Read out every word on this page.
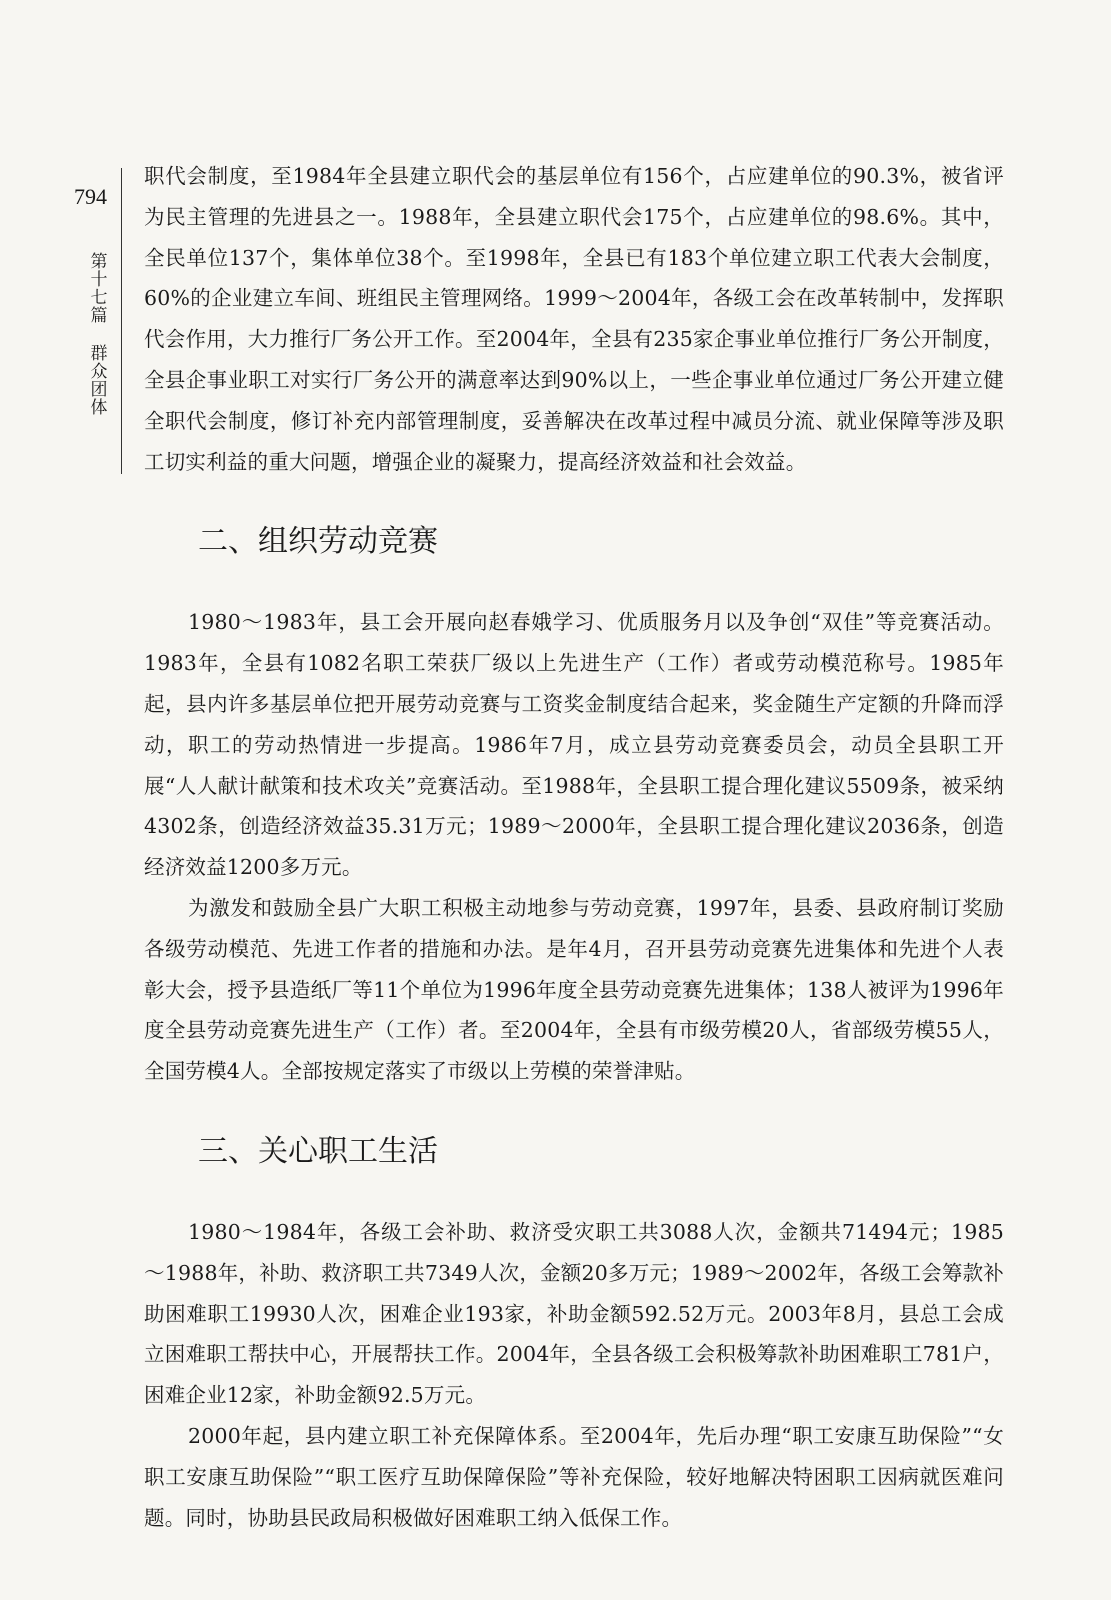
794
第十七篇
群众团体

职代会制度，至1984年全县建立职代会的基层单位有156个，占应建单位的90.3%，被省评为民主管理的先进县之一。1988年，全县建立职代会175个，占应建单位的98.6%。其中，全民单位137个，集体单位38个。至1998年，全县已有183个单位建立职工代表大会制度，60%的企业建立车间、班组民主管理网络。1999～2004年，各级工会在改革转制中，发挥职代会作用，大力推行厂务公开工作。至2004年，全县有235家企事业单位推行厂务公开制度，全县企事业职工对实行厂务公开的满意率达到90%以上，一些企事业单位通过厂务公开建立健全职代会制度，修订补充内部管理制度，妥善解决在改革过程中减员分流、就业保障等涉及职工切实利益的重大问题，增强企业的凝聚力，提高经济效益和社会效益。

二、组织劳动竞赛

1980～1983年，县工会开展向赵春娥学习、优质服务月以及争创“双佳”等竞赛活动。1983年，全县有1082名职工荣获厂级以上先进生产（工作）者或劳动模范称号。1985年起，县内许多基层单位把开展劳动竞赛与工资奖金制度结合起来，奖金随生产定额的升降而浮动，职工的劳动热情进一步提高。1986年7月，成立县劳动竞赛委员会，动员全县职工开展“人人献计献策和技术攻关”竞赛活动。至1988年，全县职工提合理化建议5509条，被采纳4302条，创造经济效益35.31万元；1989～2000年，全县职工提合理化建议2036条，创造经济效益1200多万元。

为激发和鼓励全县广大职工积极主动地参与劳动竞赛，1997年，县委、县政府制订奖励各级劳动模范、先进工作者的措施和办法。是年4月，召开县劳动竞赛先进集体和先进个人表彰大会，授予县造纸厂等11个单位为1996年度全县劳动竞赛先进集体；138人被评为1996年度全县劳动竞赛先进生产（工作）者。至2004年，全县有市级劳模20人，省部级劳模55人，全国劳模4人。全部按规定落实了市级以上劳模的荣誉津贴。

三、关心职工生活

1980～1984年，各级工会补助、救济受灾职工共3088人次，金额共71494元；1985～1988年，补助、救济职工共7349人次，金额20多万元；1989～2002年，各级工会筹款补助困难职工19930人次，困难企业193家，补助金额592.52万元。2003年8月，县总工会成立困难职工帮扶中心，开展帮扶工作。2004年，全县各级工会积极筹款补助困难职工781户，困难企业12家，补助金额92.5万元。

2000年起，县内建立职工补充保障体系。至2004年，先后办理“职工安康互助保险”“女职工安康互助保险”“职工医疗互助保障保险”等补充保险，较好地解决特困职工因病就医难问题。同时，协助县民政局积极做好困难职工纳入低保工作。
